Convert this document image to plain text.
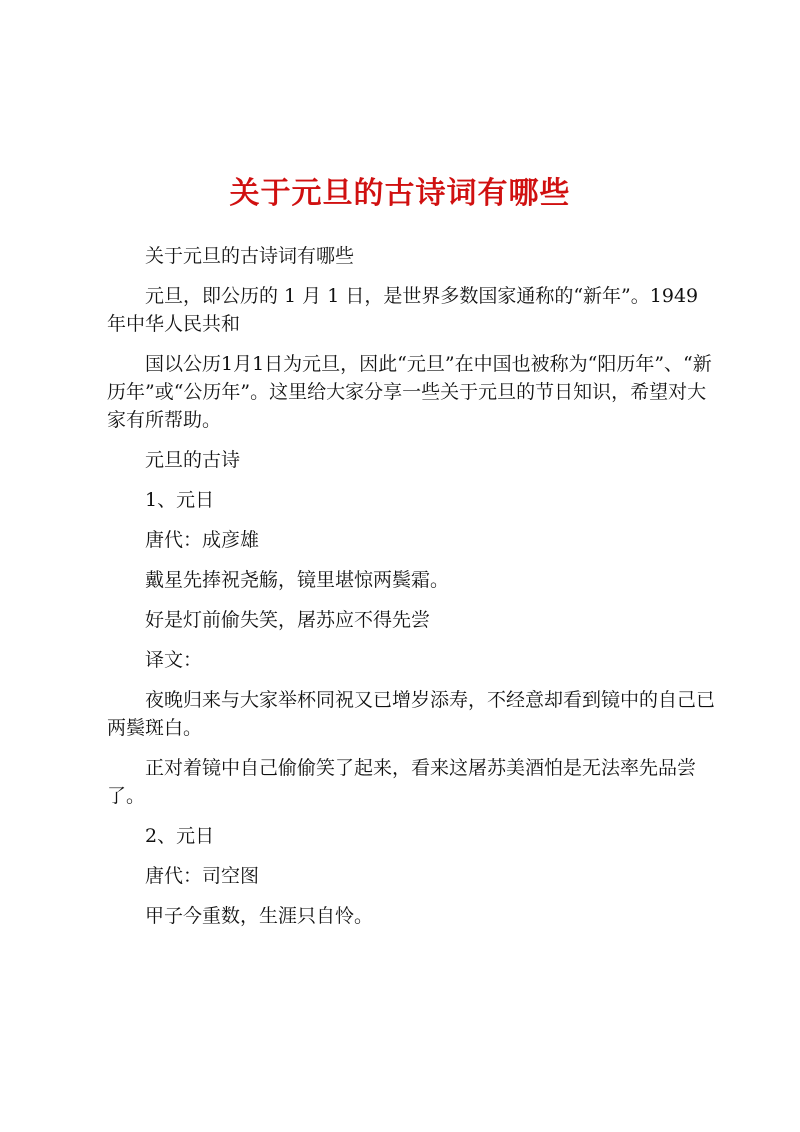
关于元旦的古诗词有哪些

关于元旦的古诗词有哪些

元旦，即公历的 1 月 1 日，是世界多数国家通称的“新年”。1949 年中华人民共和

国以公历1月1日为元旦，因此“元旦”在中国也被称为“阳历年”、“新历年”或“公历年”。这里给大家分享一些关于元旦的节日知识，希望对大家有所帮助。

元旦的古诗

1、元日

唐代：成彦雄

戴星先捧祝尧觞，镜里堪惊两鬓霜。

好是灯前偷失笑，屠苏应不得先尝

译文：

夜晚归来与大家举杯同祝又已增岁添寿，不经意却看到镜中的自己已两鬓斑白。

正对着镜中自己偷偷笑了起来，看来这屠苏美酒怕是无法率先品尝了。

2、元日

唐代：司空图

甲子今重数，生涯只自怜。
